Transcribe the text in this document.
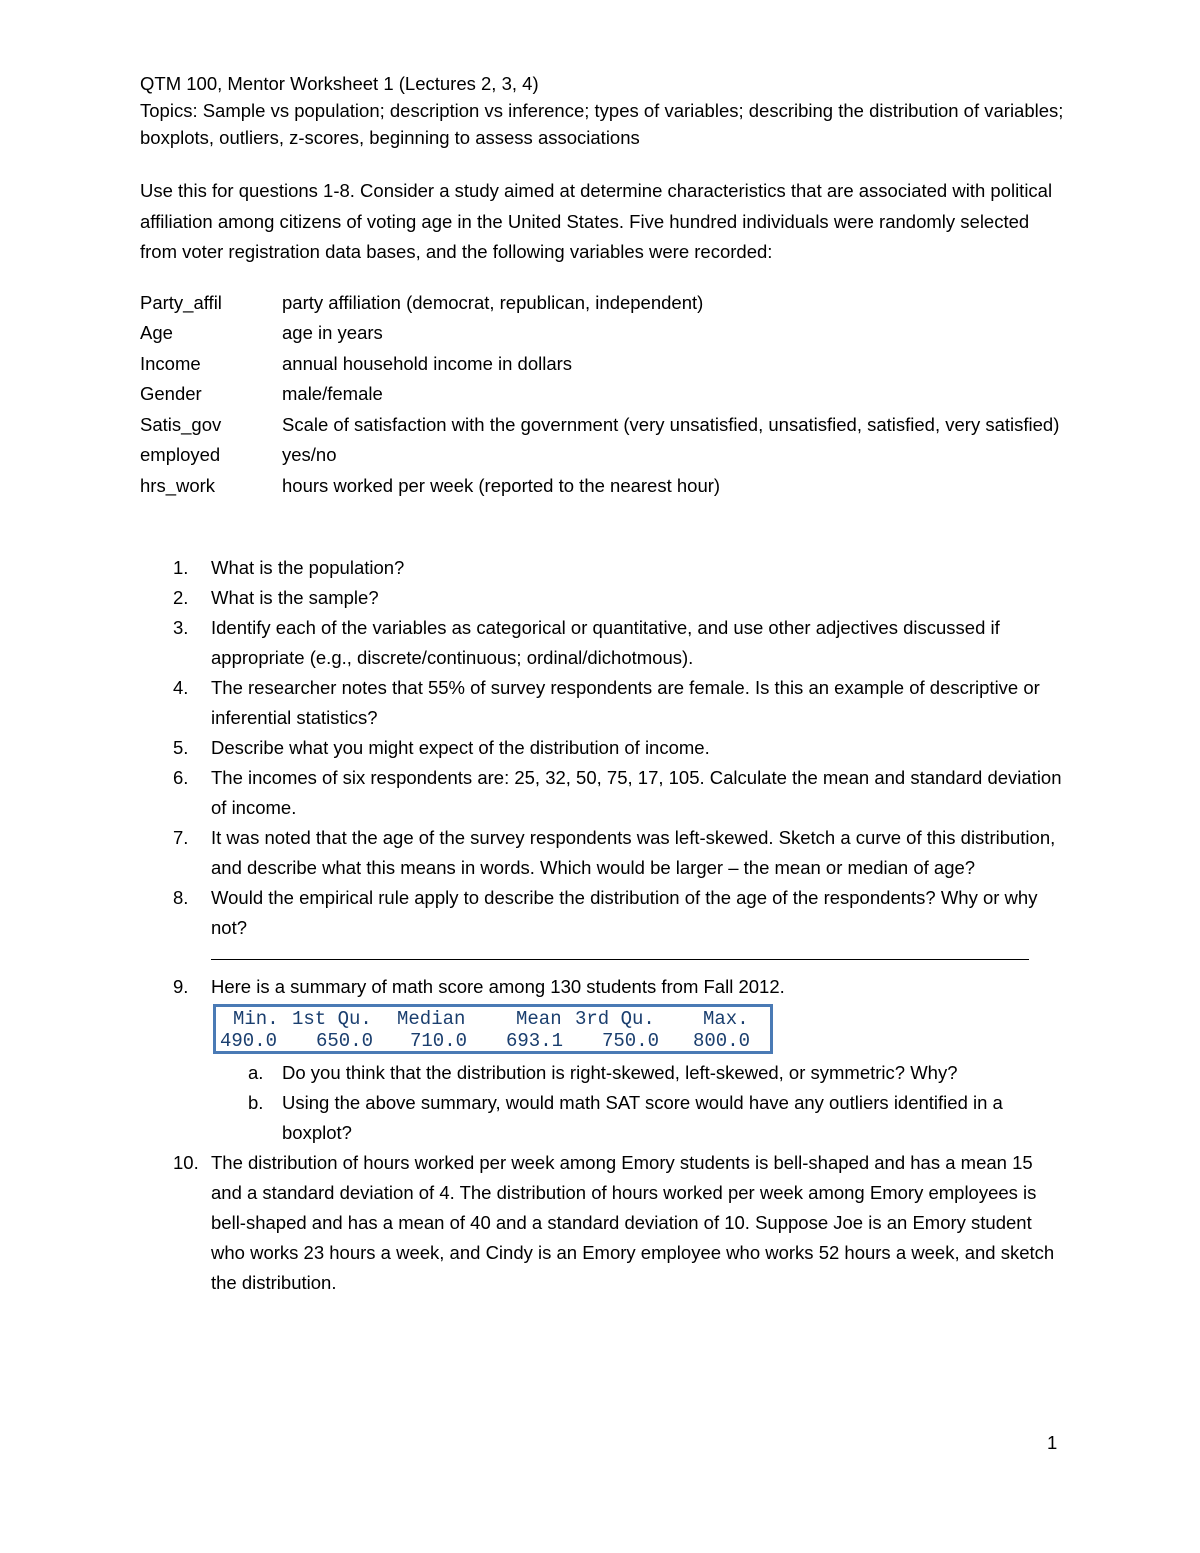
QTM 100, Mentor Worksheet 1 (Lectures 2, 3, 4)
Topics: Sample vs population; description vs inference; types of variables; describing the distribution of variables; boxplots, outliers, z-scores, beginning to assess associations
Use this for questions 1-8. Consider a study aimed at determine characteristics that are associated with political affiliation among citizens of voting age in the United States. Five hundred individuals were randomly selected from voter registration data bases, and the following variables were recorded:
Party_affil	party affiliation (democrat, republican, independent)
Age	age in years
Income	annual household income in dollars
Gender	male/female
Satis_gov	Scale of satisfaction with the government (very unsatisfied, unsatisfied, satisfied, very satisfied)
employed	yes/no
hrs_work	hours worked per week (reported to the nearest hour)
1.	What is the population?
2.	What is the sample?
3.	Identify each of the variables as categorical or quantitative, and use other adjectives discussed if appropriate (e.g., discrete/continuous; ordinal/dichotmous).
4.	The researcher notes that 55% of survey respondents are female. Is this an example of descriptive or inferential statistics?
5.	Describe what you might expect of the distribution of income.
6.	The incomes of six respondents are: 25, 32, 50, 75, 17, 105. Calculate the mean and standard deviation of income.
7.	It was noted that the age of the survey respondents was left-skewed. Sketch a curve of this distribution, and describe what this means in words. Which would be larger – the mean or median of age?
8.	Would the empirical rule apply to describe the distribution of the age of the respondents? Why or why not?
9.	Here is a summary of math score among 130 students from Fall 2012.
Min. 1st Qu. Median	Mean 3rd Qu.	Max.
490.0 650.0 710.0 693.1 750.0 800.0
a.	Do you think that the distribution is right-skewed, left-skewed, or symmetric? Why?
b.	Using the above summary, would math SAT score would have any outliers identified in a boxplot?
10. The distribution of hours worked per week among Emory students is bell-shaped and has a mean 15 and a standard deviation of 4. The distribution of hours worked per week among Emory employees is bell-shaped and has a mean of 40 and a standard deviation of 10. Suppose Joe is an Emory student who works 23 hours a week, and Cindy is an Emory employee who works 52 hours a week, and sketch the distribution.
1
